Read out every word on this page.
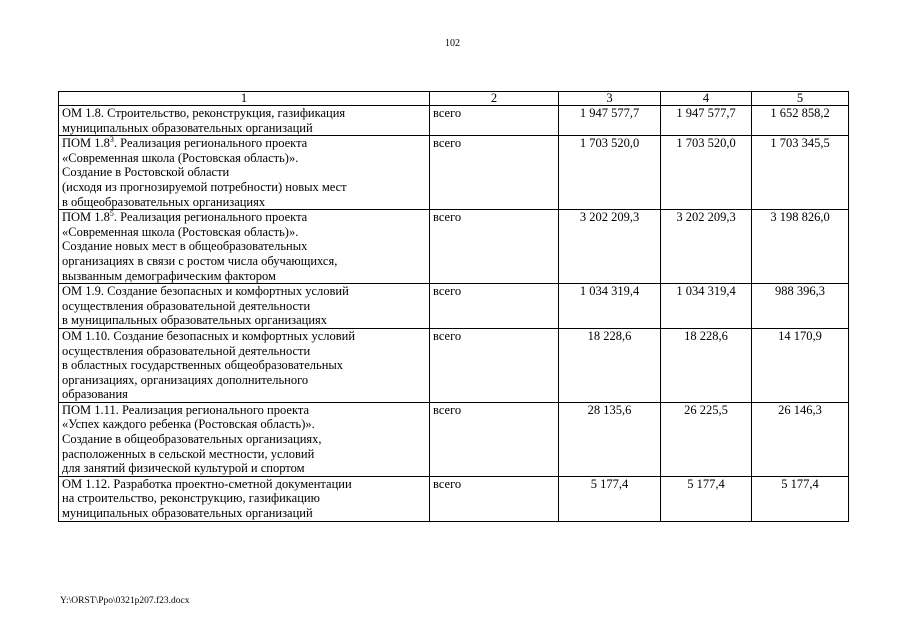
102
1	2	3	4	5

ОМ 1.8. Строительство, реконструкция, газификация
муниципальных образовательных организаций	всего	1 947 577,7	1 947 577,7	1 652 858,2

ПОМ $1.8^3$. Реализация регионального проекта
«Современная школа (Ростовская область)».
Создание в Ростовской области
(исходя из прогнозируемой потребности) новых мест
в общеобразовательных организациях	всего	1 703 520,0	1 703 520,0	1 703 345,5

ПОМ $1.8^5$. Реализация регионального проекта
«Современная школа (Ростовская область)».
Создание новых мест в общеобразовательных
организациях в связи с ростом числа обучающихся,
вызванным демографическим фактором	всего	3 202 209,3	3 202 209,3	3 198 826,0

ОМ 1.9. Создание безопасных и комфортных условий
осуществления образовательной деятельности
в муниципальных образовательных организациях	всего	1 034 319,4	1 034 319,4	988 396,3

ОМ 1.10. Создание безопасных и комфортных условий
осуществления образовательной деятельности
в областных государственных общеобразовательных
организациях, организациях дополнительного
образования	всего	18 228,6	18 228,6	14 170,9

ПОМ 1.11. Реализация регионального проекта
«Успех каждого ребенка (Ростовская область)».
Создание в общеобразовательных организациях,
расположенных в сельской местности, условий
для занятий физической культурой и спортом	всего	28 135,6	26 225,5	26 146,3

ОМ 1.12. Разработка проектно-сметной документации
на строительство, реконструкцию, газификацию
муниципальных образовательных организаций	всего	5 177,4	5 177,4	5 177,4
Y:\ORST\Ppo\0321p207.f23.docx
